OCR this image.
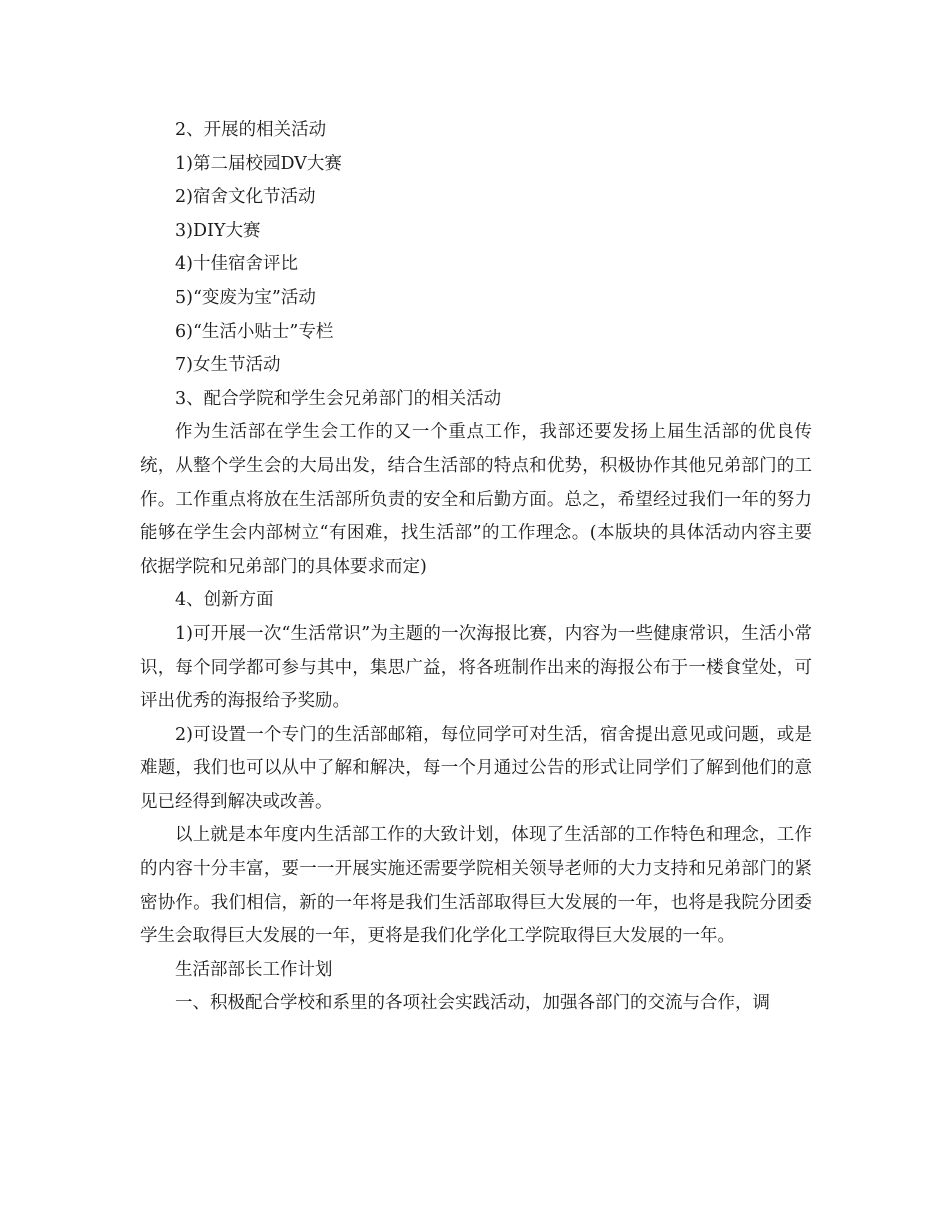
2、开展的相关活动
1)第二届校园DV大赛
2)宿舍文化节活动
3)DIY大赛
4)十佳宿舍评比
5)“变废为宝”活动
6)“生活小贴士”专栏
7)女生节活动
3、配合学院和学生会兄弟部门的相关活动

作为生活部在学生会工作的又一个重点工作，我部还要发扬上届生活部的优良传统，从整个学生会的大局出发，结合生活部的特点和优势，积极协作其他兄弟部门的工作。工作重点将放在生活部所负责的安全和后勤方面。总之，希望经过我们一年的努力能够在学生会内部树立“有困难，找生活部”的工作理念。(本版块的具体活动内容主要依据学院和兄弟部门的具体要求而定)

4、创新方面

1)可开展一次“生活常识”为主题的一次海报比赛，内容为一些健康常识，生活小常识，每个同学都可参与其中，集思广益，将各班制作出来的海报公布于一楼食堂处，可评出优秀的海报给予奖励。

2)可设置一个专门的生活部邮箱，每位同学可对生活，宿舍提出意见或问题，或是难题，我们也可以从中了解和解决，每一个月通过公告的形式让同学们了解到他们的意见已经得到解决或改善。

以上就是本年度内生活部工作的大致计划，体现了生活部的工作特色和理念，工作的内容十分丰富，要一一开展实施还需要学院相关领导老师的大力支持和兄弟部门的紧密协作。我们相信，新的一年将是我们生活部取得巨大发展的一年，也将是我院分团委学生会取得巨大发展的一年，更将是我们化学化工学院取得巨大发展的一年。

生活部部长工作计划

一、积极配合学校和系里的各项社会实践活动，加强各部门的交流与合作，调
